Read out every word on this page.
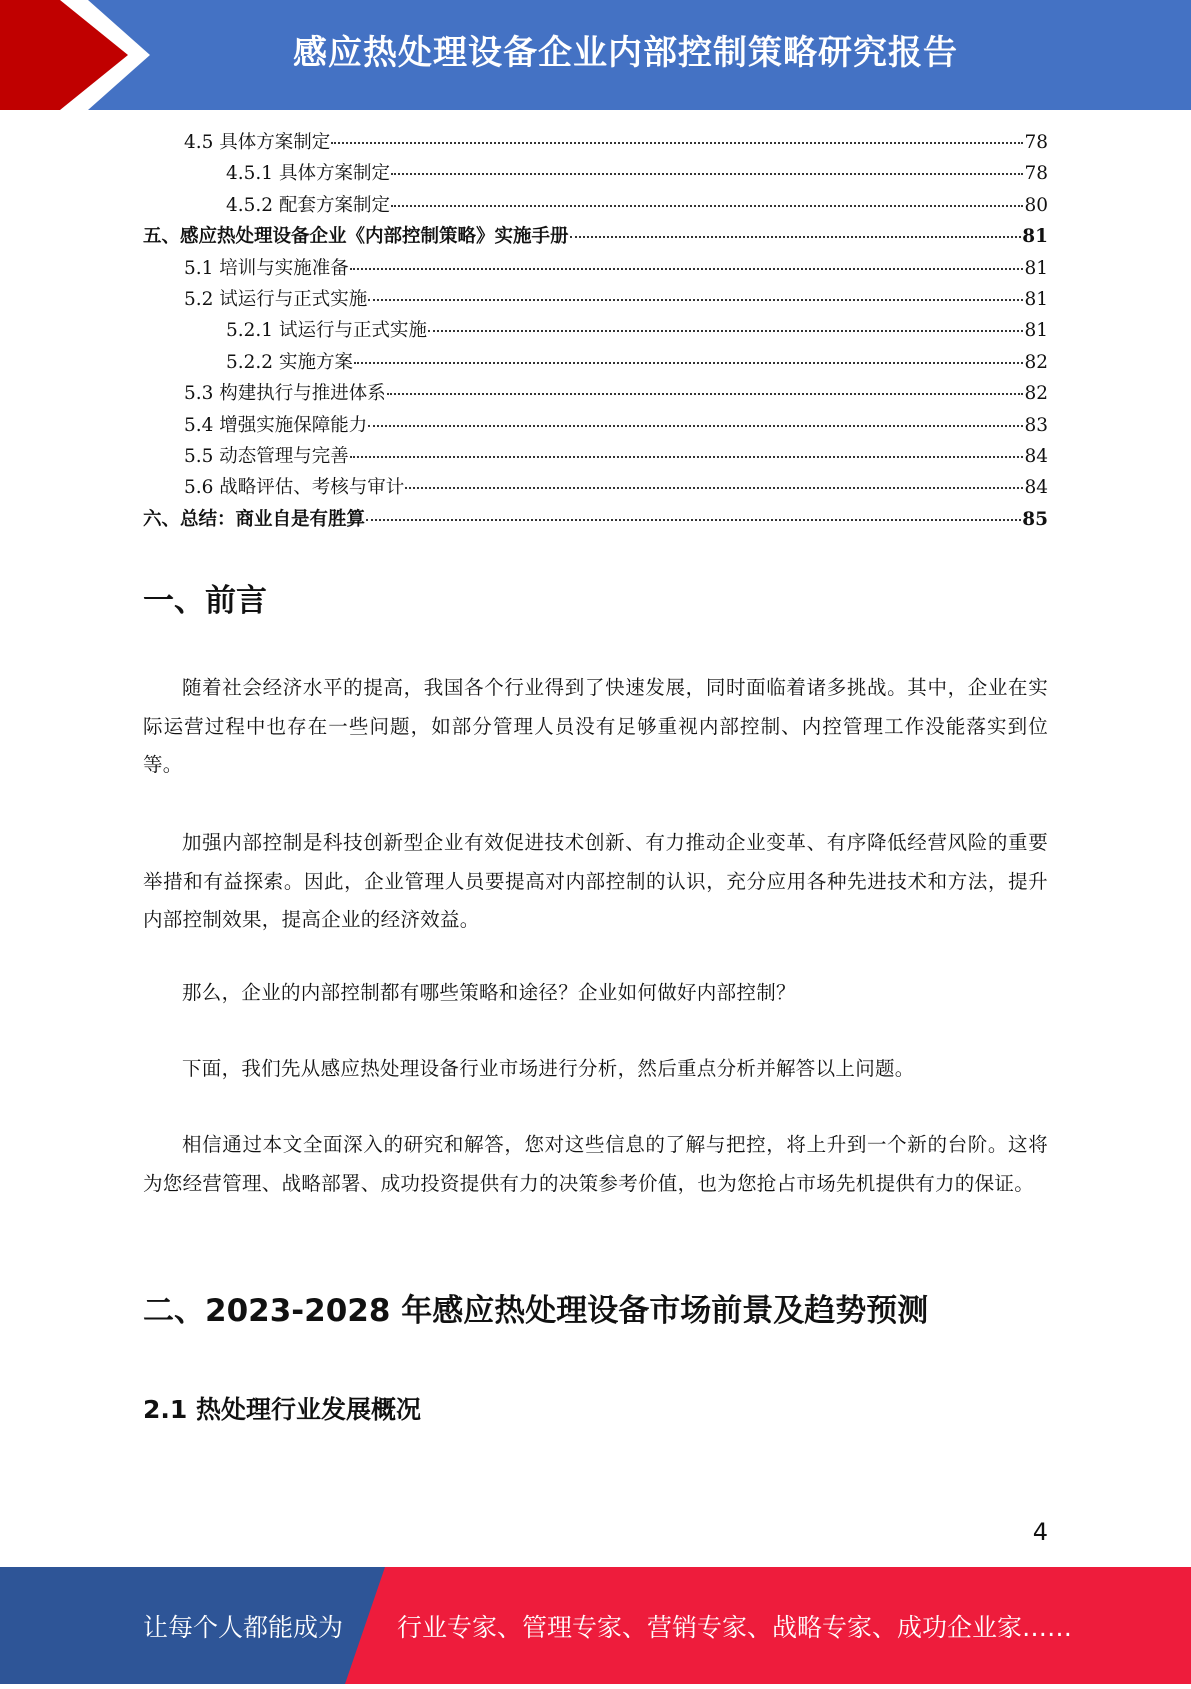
感应热处理设备企业内部控制策略研究报告
4.5 具体方案制定	78
4.5.1 具体方案制定	78
4.5.2 配套方案制定	80
五、感应热处理设备企业《内部控制策略》实施手册	81
5.1 培训与实施准备	81
5.2 试运行与正式实施	81
5.2.1 试运行与正式实施	81
5.2.2 实施方案	82
5.3 构建执行与推进体系	82
5.4 增强实施保障能力	83
5.5 动态管理与完善	84
5.6 战略评估、考核与审计	84
六、总结：商业自是有胜算	85
一、前言

随着社会经济水平的提高，我国各个行业得到了快速发展，同时面临着诸多挑战。其中，企业在实际运营过程中也存在一些问题，如部分管理人员没有足够重视内部控制、内控管理工作没能落实到位等。

加强内部控制是科技创新型企业有效促进技术创新、有力推动企业变革、有序降低经营风险的重要举措和有益探索。因此，企业管理人员要提高对内部控制的认识，充分应用各种先进技术和方法，提升内部控制效果，提高企业的经济效益。

那么，企业的内部控制都有哪些策略和途径？企业如何做好内部控制？

下面，我们先从感应热处理设备行业市场进行分析，然后重点分析并解答以上问题。

相信通过本文全面深入的研究和解答，您对这些信息的了解与把控，将上升到一个新的台阶。这将为您经营管理、战略部署、成功投资提供有力的决策参考价值，也为您抢占市场先机提供有力的保证。

二、2023-2028 年感应热处理设备市场前景及趋势预测
2.1 热处理行业发展概况
4
让每个人都能成为 行业专家、管理专家、营销专家、战略专家、成功企业家……
